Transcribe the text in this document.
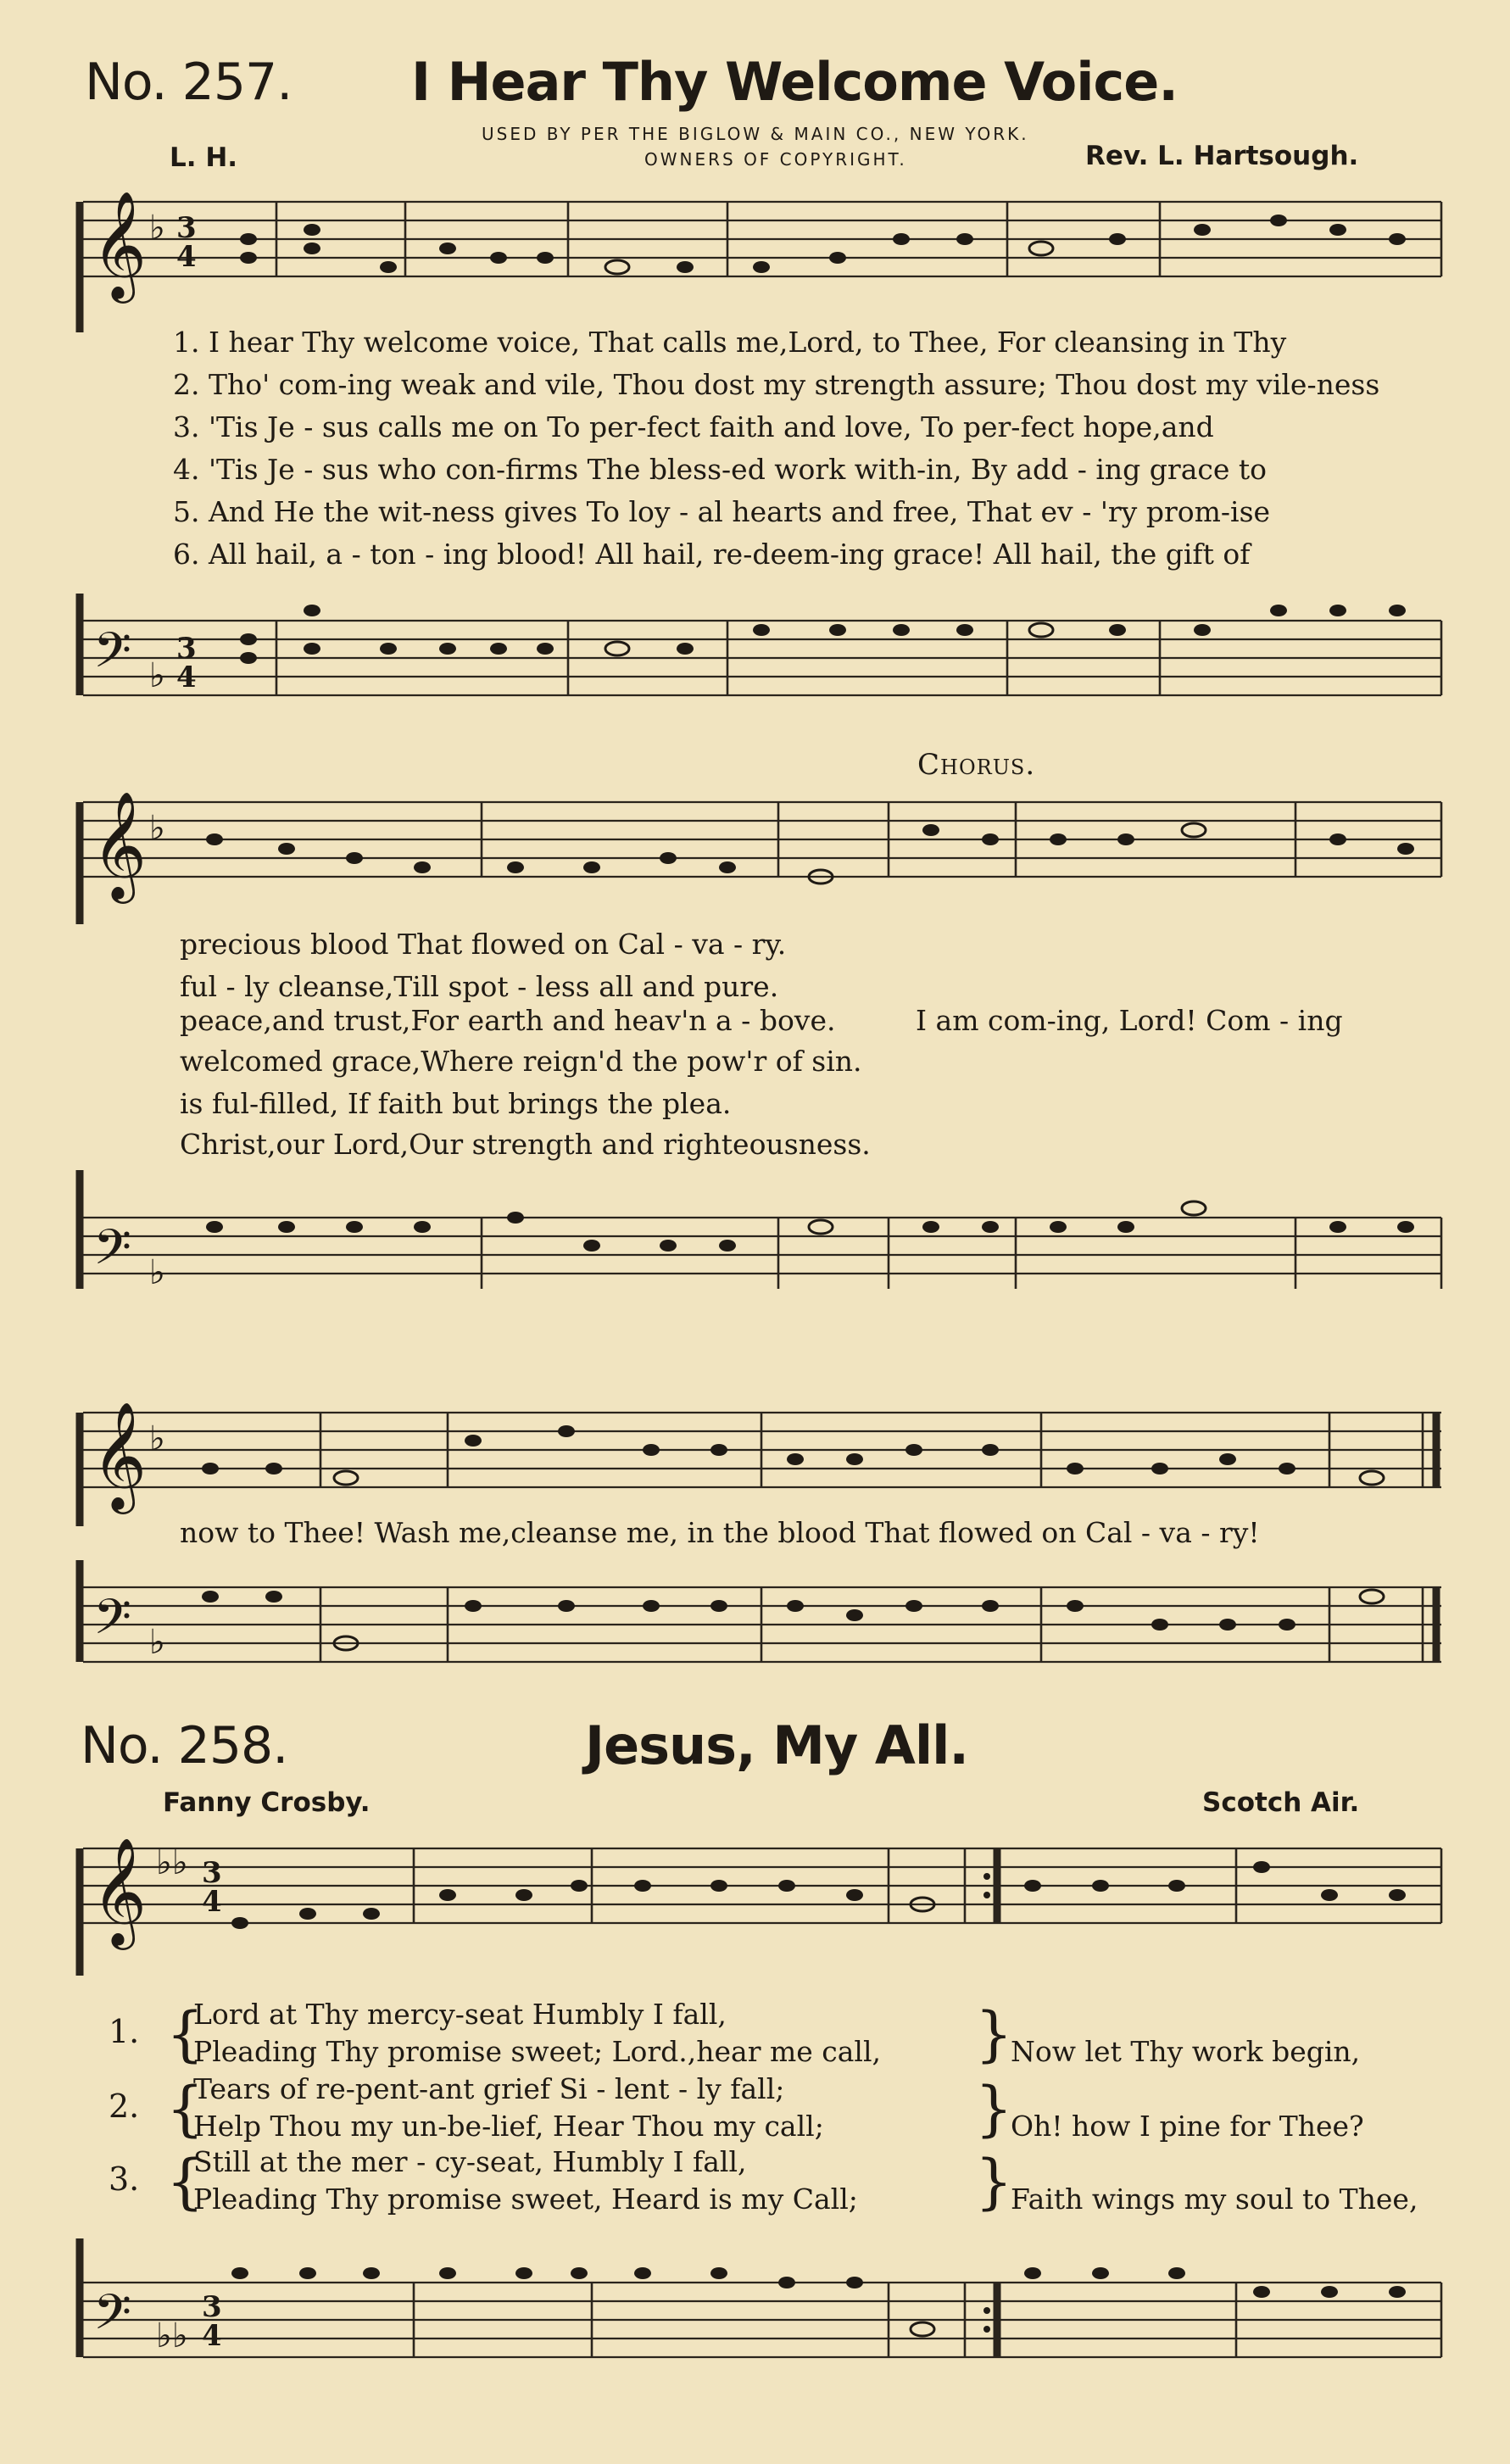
No. 257. I Hear Thy Welcome Voice.
USED BY PER THE BIGLOW & MAIN CO., NEW YORK.
OWNERS OF COPYRIGHT.
L. H.	Rev. L. Hartsough.
𝄞 ♭ 3
4
1. I hear Thy welcome voice, That calls me,Lord, to Thee, For cleansing in Thy
2. Tho' com-ing weak and vile, Thou dost my strength assure; Thou dost my vile-ness
3. 'Tis Je - sus calls me on To per-fect faith and love, To per-fect hope,and
4. 'Tis Je - sus who con-firms The bless-ed work with-in, By add - ing grace to
5. And He the wit-ness gives To loy - al hearts and free, That ev - 'ry prom-ise
6. All hail, a - ton - ing blood! All hail, re-deem-ing grace! All hail, the gift of
𝄢 ♭
3
4
Chorus.
𝄞 ♭
precious blood That flowed on Cal - va - ry.
ful - ly cleanse,Till spot - less all and pure.
peace,and trust,For earth and heav'n a - bove.	I am com-ing, Lord! Com - ing
welcomed grace,Where reign'd the pow'r of sin.
is ful-filled, If faith but brings the plea.
Christ,our Lord,Our strength and righteousness.
𝄢 ♭
𝄞 ♭
now to Thee! Wash me,cleanse me, in the blood That flowed on Cal - va - ry!
𝄢 ♭
No. 258.	Jesus, My All.
Fanny Crosby.	Scotch Air.
𝄞 ♭♭ 3
4
1. {
Lord at Thy mercy-seat Humbly I fall,
Pleading Thy promise sweet; Lord.,hear me call, }
Now let Thy work begin,
2. {
Tears of re-pent-ant grief Si - lent - ly fall;
Help Thou my un-be-lief, Hear Thou my call;	}
Oh! how I pine for Thee?
3. {
Still at the mer - cy-seat, Humbly I fall,
Pleading Thy promise sweet, Heard is my Call; }
Faith wings my soul to Thee,
𝄢 ♭♭
3
4
